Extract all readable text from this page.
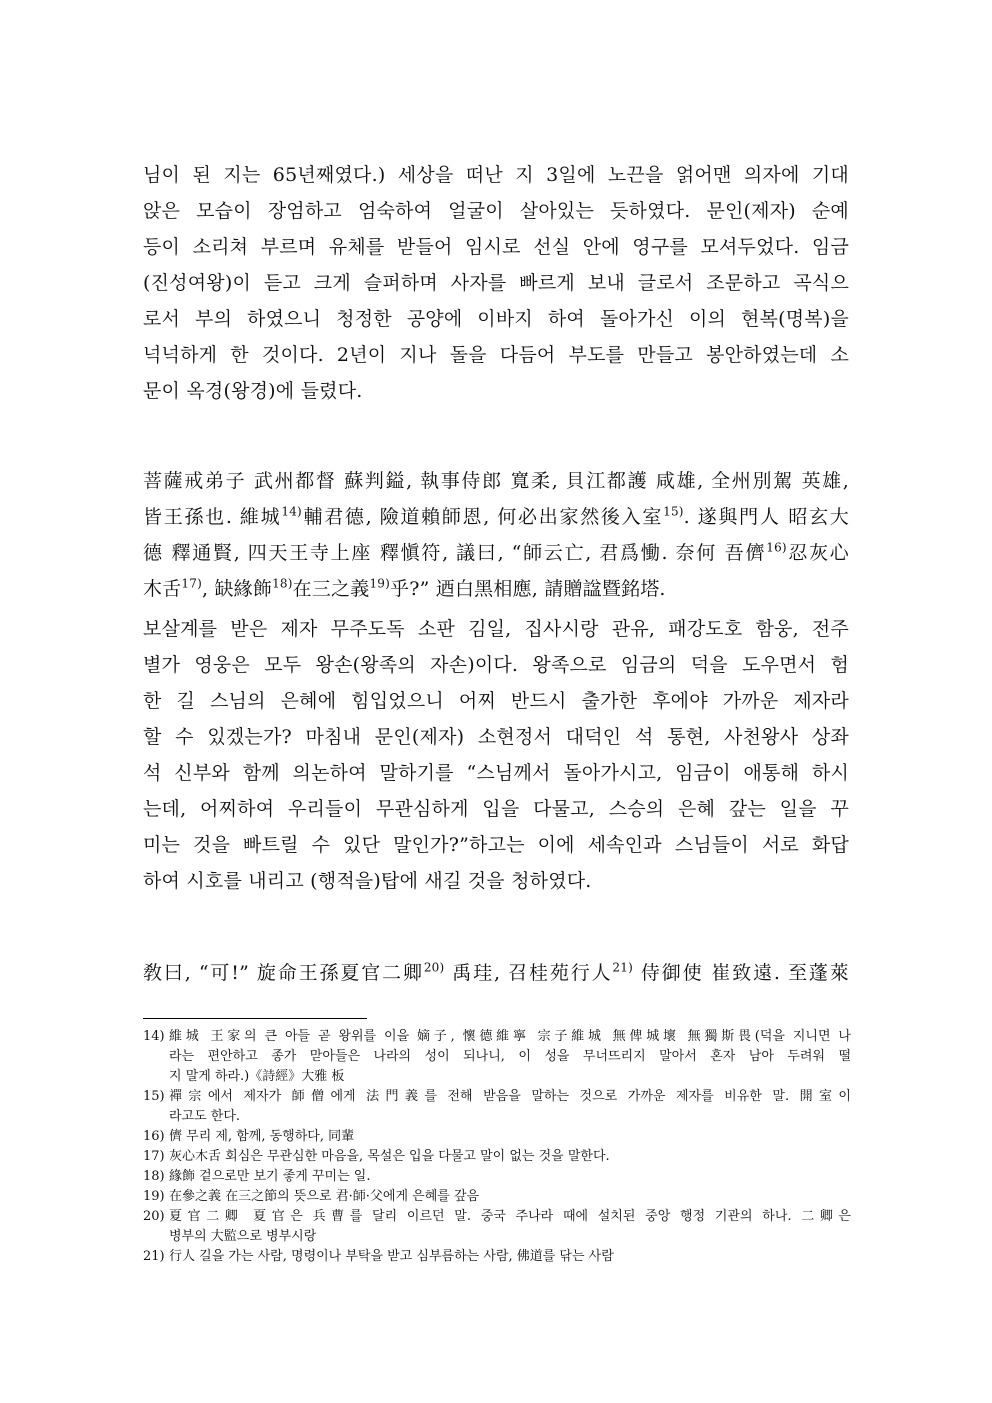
님이 된 지는 65년째였다.) 세상을 떠난 지 3일에 노끈을 얽어맨 의자에 기대
앉은 모습이 장엄하고 엄숙하여 얼굴이 살아있는 듯하였다. 문인(제자) 순예
등이 소리쳐 부르며 유체를 받들어 임시로 선실 안에 영구를 모셔두었다. 임금
(진성여왕)이 듣고 크게 슬퍼하며 사자를 빠르게 보내 글로서 조문하고 곡식으
로서 부의 하였으니 청정한 공양에 이바지 하여 돌아가신 이의 현복(명복)을
넉넉하게 한 것이다. 2년이 지나 돌을 다듬어 부도를 만들고 봉안하였는데 소
문이 옥경(왕경)에 들렸다.
菩薩戒弟子 武州都督 蘇判鎰, 執事侍郎 寬柔, 貝江都護 咸雄, 全州別駕 英雄,
皆王孫也. 維城$^{14)}$輔君德, 險道賴師恩, 何必出家然後入室$^{15)}$. 遂與門人 昭玄大
德 釋通賢, 四天王寺上座 釋愼符, 議曰, “師云亡, 君爲慟. 奈何 吾儕$^{16)}$忍灰心
木舌$^{17)}$, 缺緣飾$^{18)}$在三之義$^{19)}$乎?” 迺白黑相應, 請贈諡暨銘塔.
보살계를 받은 제자 무주도독 소판 김일, 집사시랑 관유, 패강도호 함웅, 전주
별가 영웅은 모두 왕손(왕족의 자손)이다. 왕족으로 임금의 덕을 도우면서 험
한 길 스님의 은혜에 힘입었으니 어찌 반드시 출가한 후에야 가까운 제자라
할 수 있겠는가? 마침내 문인(제자) 소현정서 대덕인 석 통현, 사천왕사 상좌
석 신부와 함께 의논하여 말하기를 “스님께서 돌아가시고, 임금이 애통해 하시
는데, 어찌하여 우리들이 무관심하게 입을 다물고, 스승의 은혜 갚는 일을 꾸
미는 것을 빠트릴 수 있단 말인가?”하고는 이에 세속인과 스님들이 서로 화답
하여 시호를 내리고 (행적을)탑에 새길 것을 청하였다.
敎曰, “可!” 旋命王孫夏官二卿$^{20)}$ 禹珪, 召桂苑行人$^{21)}$ 侍御使 崔致遠. 至蓬萊
14) 維城 王家의 큰 아들 곧 왕위를 이을 嫡子, 懷德維寧 宗子維城 無俾城壞 無獨斯畏(덕을 지니면 나
라는 편안하고 종가 맏아들은 나라의 성이 되나니, 이 성을 무너뜨리지 말아서 혼자 남아 두려워 떨
지 말게 하라.)《詩經》大雅 板
15) 禪宗에서 제자가 師僧에게 法門義를 전해 받음을 말하는 것으로 가까운 제자를 비유한 말. 開室이
라고도 한다.
16) 儕 무리 제, 함께, 동행하다, 同輩
17) 灰心木舌 회심은 무관심한 마음을, 목설은 입을 다물고 말이 없는 것을 말한다.
18) 緣飾 겉으로만 보기 좋게 꾸미는 일.
19) 在參之義 在三之節의 뜻으로 君·師·父에게 은혜를 갚음
20) 夏官二卿 夏官은 兵曹를 달리 이르던 말. 중국 주나라 때에 설치된 중앙 행정 기관의 하나. 二卿은
병부의 大監으로 병부시랑
21) 行人 길을 가는 사람, 명령이나 부탁을 받고 심부름하는 사람, 佛道를 닦는 사람
